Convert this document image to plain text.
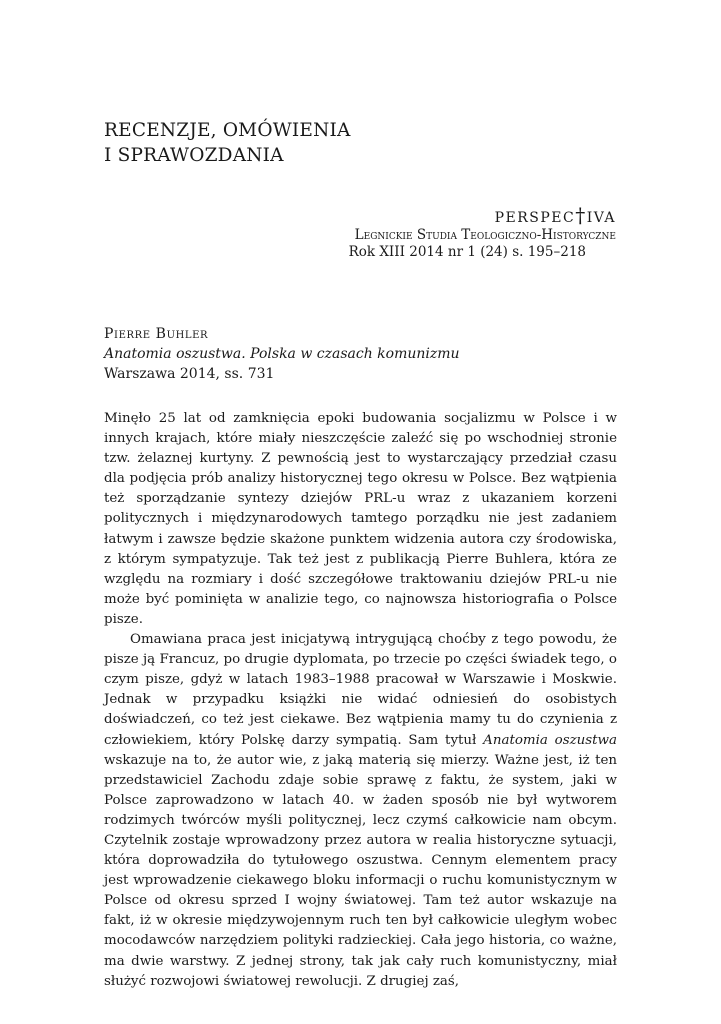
RECENZJE, OMÓWIENIA
I SPRAWOZDANIA
perspec†iva
Legnickie Studia Teologiczno-Historyczne
Rok XIII 2014 nr 1 (24) s. 195–218
Pierre Buhler
Anatomia oszustwa. Polska w czasach komunizmu
Warszawa 2014, ss. 731

Minęło 25 lat od zamknięcia epoki budowania socjalizmu w Polsce i w innych krajach, które miały nieszczęście zaleźć się po wschodniej stronie tzw. żelaznej kurtyny. Z pewnością jest to wystarczający przedział czasu dla podjęcia prób analizy historycznej tego okresu w Polsce. Bez wątpienia też sporządzanie syntezy dziejów PRL-u wraz z ukazaniem korzeni politycznych i międzynarodowych tamtego porządku nie jest zadaniem łatwym i zawsze będzie skażone punktem widzenia autora czy środowiska, z którym sympatyzuje. Tak też jest z publikacją Pierre Buhlera, która ze względu na rozmiary i dość szczegółowe traktowaniu dziejów PRL-u nie może być pominięta w analizie tego, co najnowsza historiografia o Polsce pisze.

Omawiana praca jest inicjatywą intrygującą choćby z tego powodu, że pisze ją Francuz, po drugie dyplomata, po trzecie po części świadek tego, o czym pisze, gdyż w latach 1983–1988 pracował w Warszawie i Moskwie. Jednak w przypadku książki nie widać odniesień do osobistych doświadczeń, co też jest ciekawe. Bez wątpienia mamy tu do czynienia z człowiekiem, który Polskę darzy sympatią. Sam tytuł Anatomia oszustwa wskazuje na to, że autor wie, z jaką materią się mierzy. Ważne jest, iż ten przedstawiciel Zachodu zdaje sobie sprawę z faktu, że system, jaki w Polsce zaprowadzono w latach 40. w żaden sposób nie był wytworem rodzimych twórców myśli politycznej, lecz czymś całkowicie nam obcym. Czytelnik zostaje wprowadzony przez autora w realia historyczne sytuacji, która doprowadziła do tytułowego oszustwa. Cennym elementem pracy jest wprowadzenie ciekawego bloku informacji o ruchu komunistycznym w Polsce od okresu sprzed I wojny światowej. Tam też autor wskazuje na fakt, iż w okresie międzywojennym ruch ten był całkowicie uległym wobec mocodawców narzędziem polityki radzieckiej. Cała jego historia, co ważne, ma dwie warstwy. Z jednej strony, tak jak cały ruch komunistyczny, miał służyć rozwojowi światowej rewolucji. Z drugiej zaś,
